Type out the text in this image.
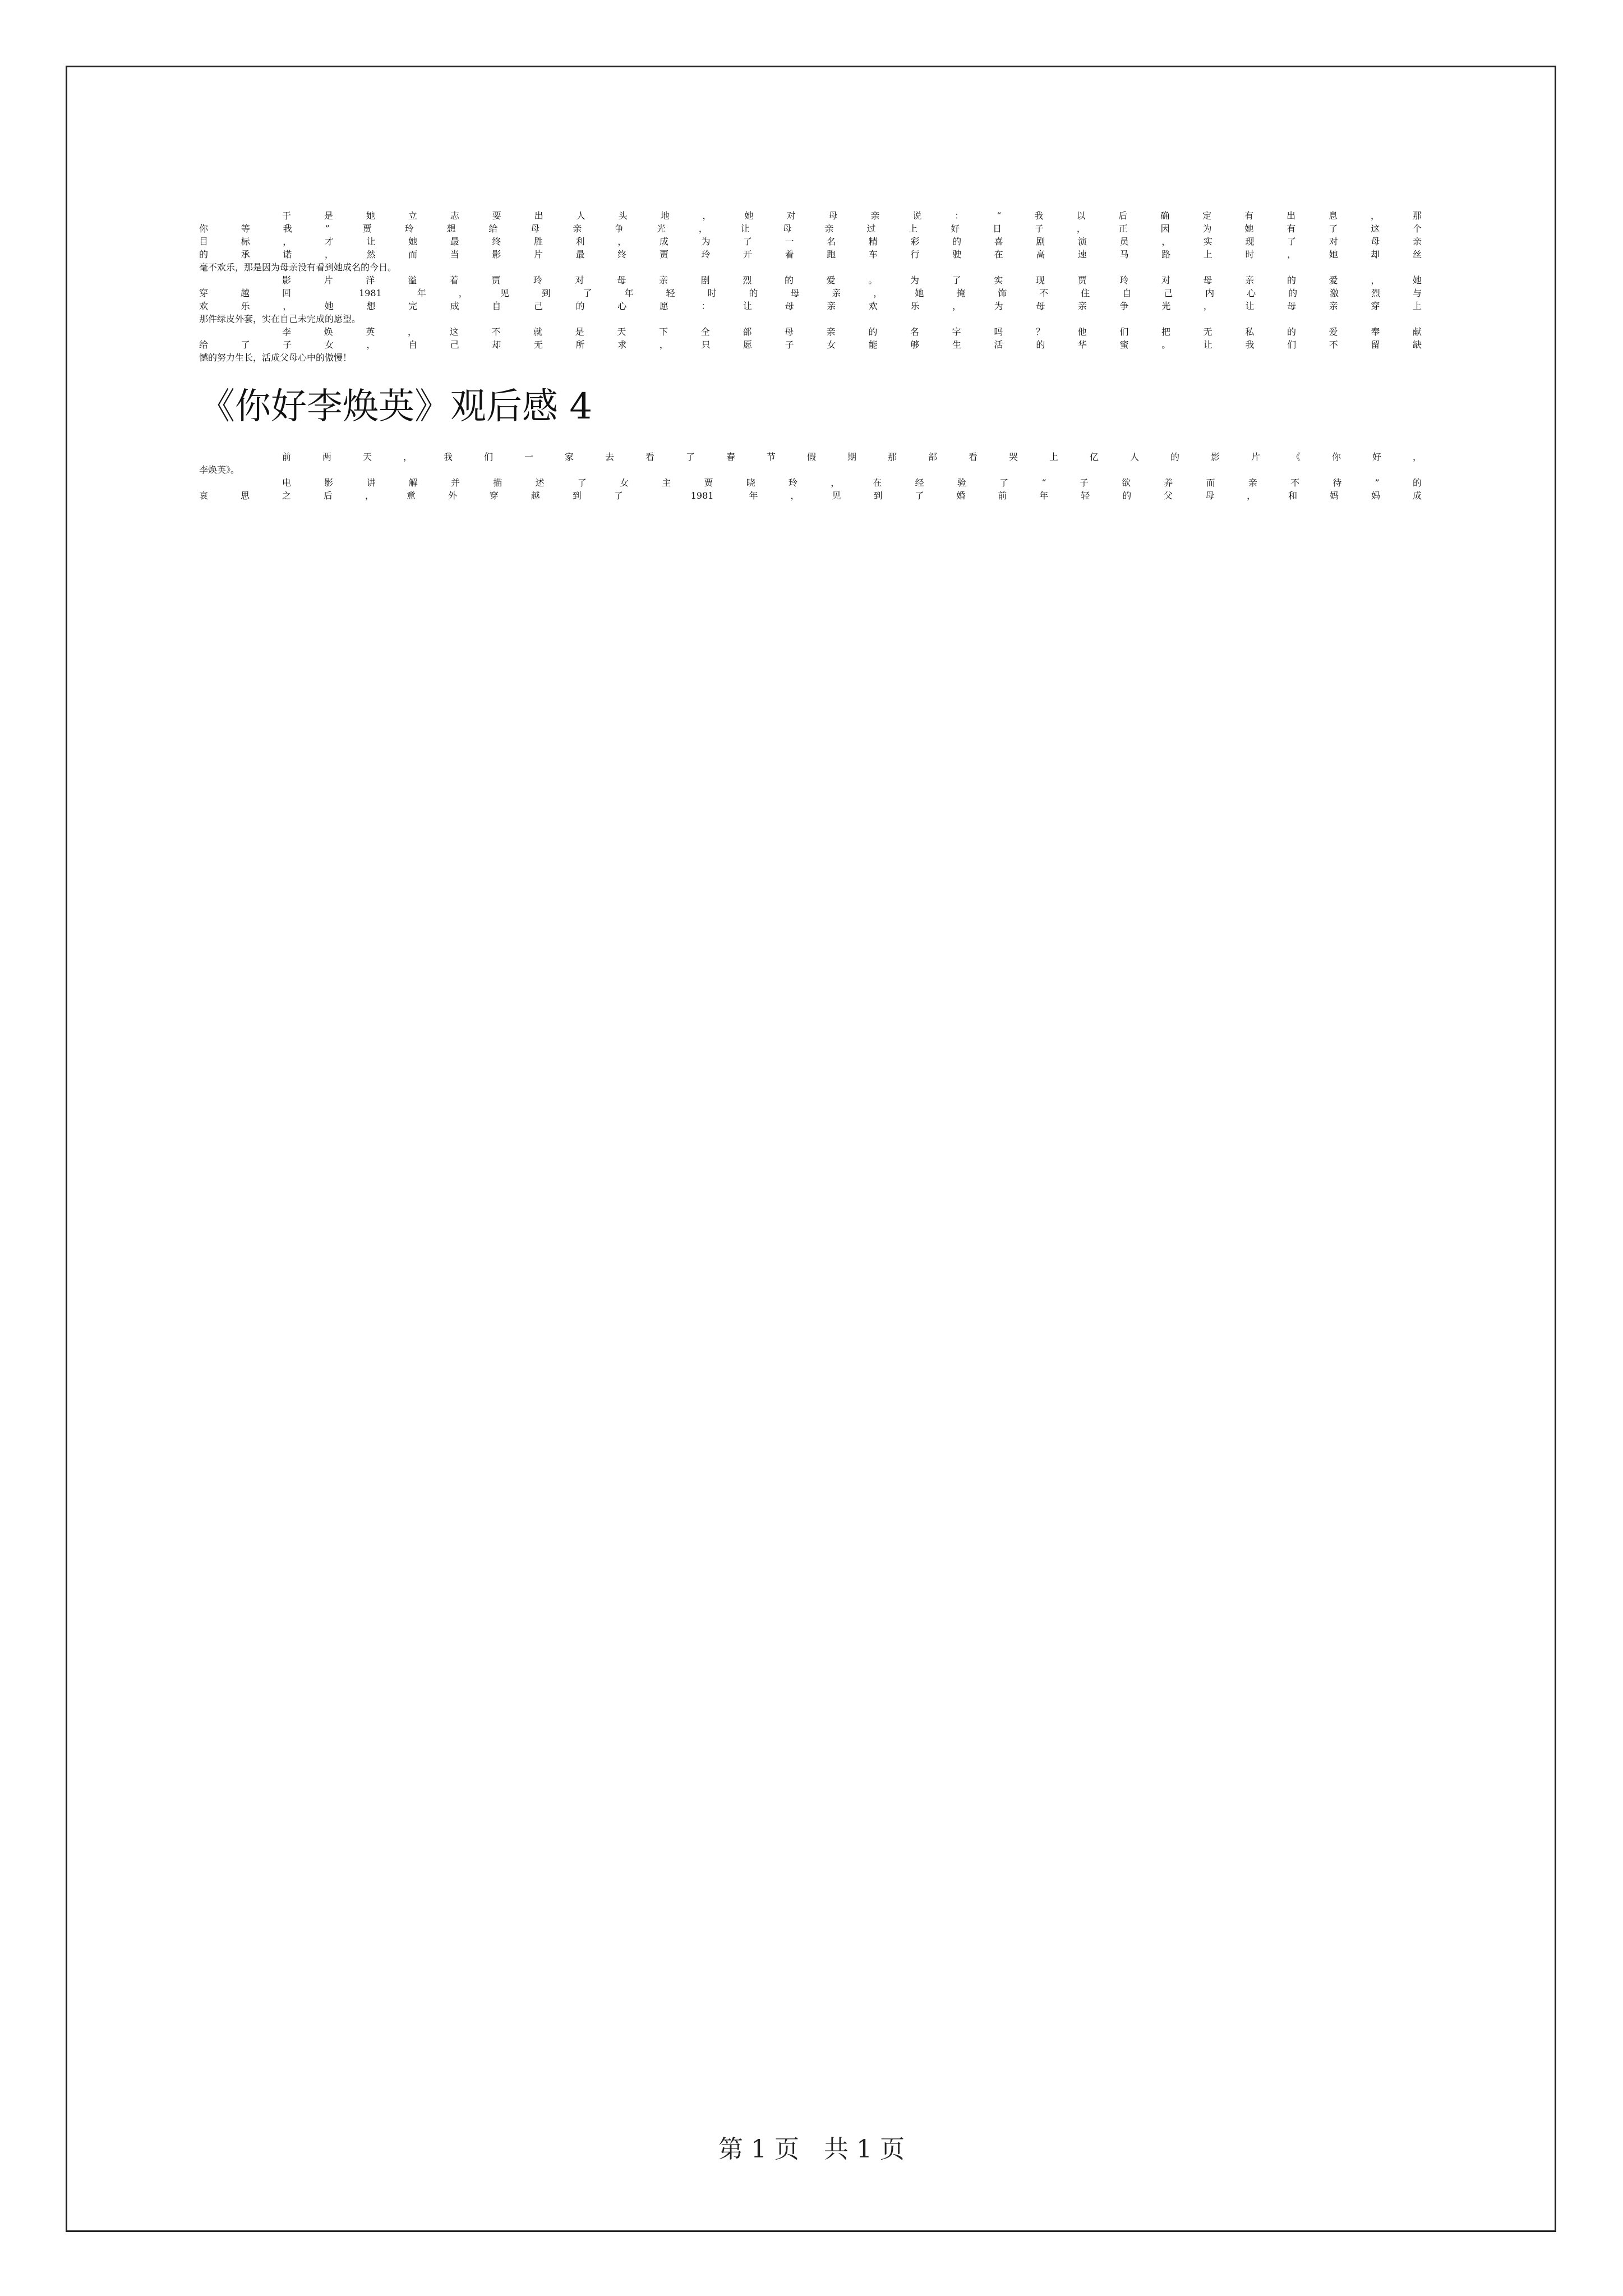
于是她立志要出人头地，她对母亲说：“我以后确定有出息，那
你等我”贾玲想给母亲争光，让母亲过上好日子，正因为她有了这个
目标，才让她最终胜利，成为了一名精彩的喜剧演员，实现了对母亲
的承诺，然而当影片最终贾玲开着跑车行驶在高速马路上时，她却丝
毫不欢乐，那是因为母亲没有看到她成名的今日。
影片洋溢着贾玲对母亲剧烈的爱。为了实现贾玲对母亲的爱，她
穿越回 1981 年，见到了年轻时的母亲，她掩饰不住自己内心的激烈与
欢乐，她想完成自己的心愿：让母亲欢乐，为母亲争光，让母亲穿上
那件绿皮外套，实在自己未完成的愿望。
李焕英，这不就是天下全部母亲的名字吗？他们把无私的爱奉献
给了子女，自己却无所求，只愿子女能够生活的华蜜。让我们不留缺
憾的努力生长，活成父母心中的傲慢！
《你好李焕英》观后感 4
前两天，我们一家去看了春节假期那部看哭上亿人的影片《你好，
李焕英》。
电影讲解并描述了女主贾晓玲，在经验了“子欲养而亲不待”的
哀思之后，意外穿越到了 1981 年，见到了婚前年轻的父母，和妈妈成
第 1 页　共 1 页
